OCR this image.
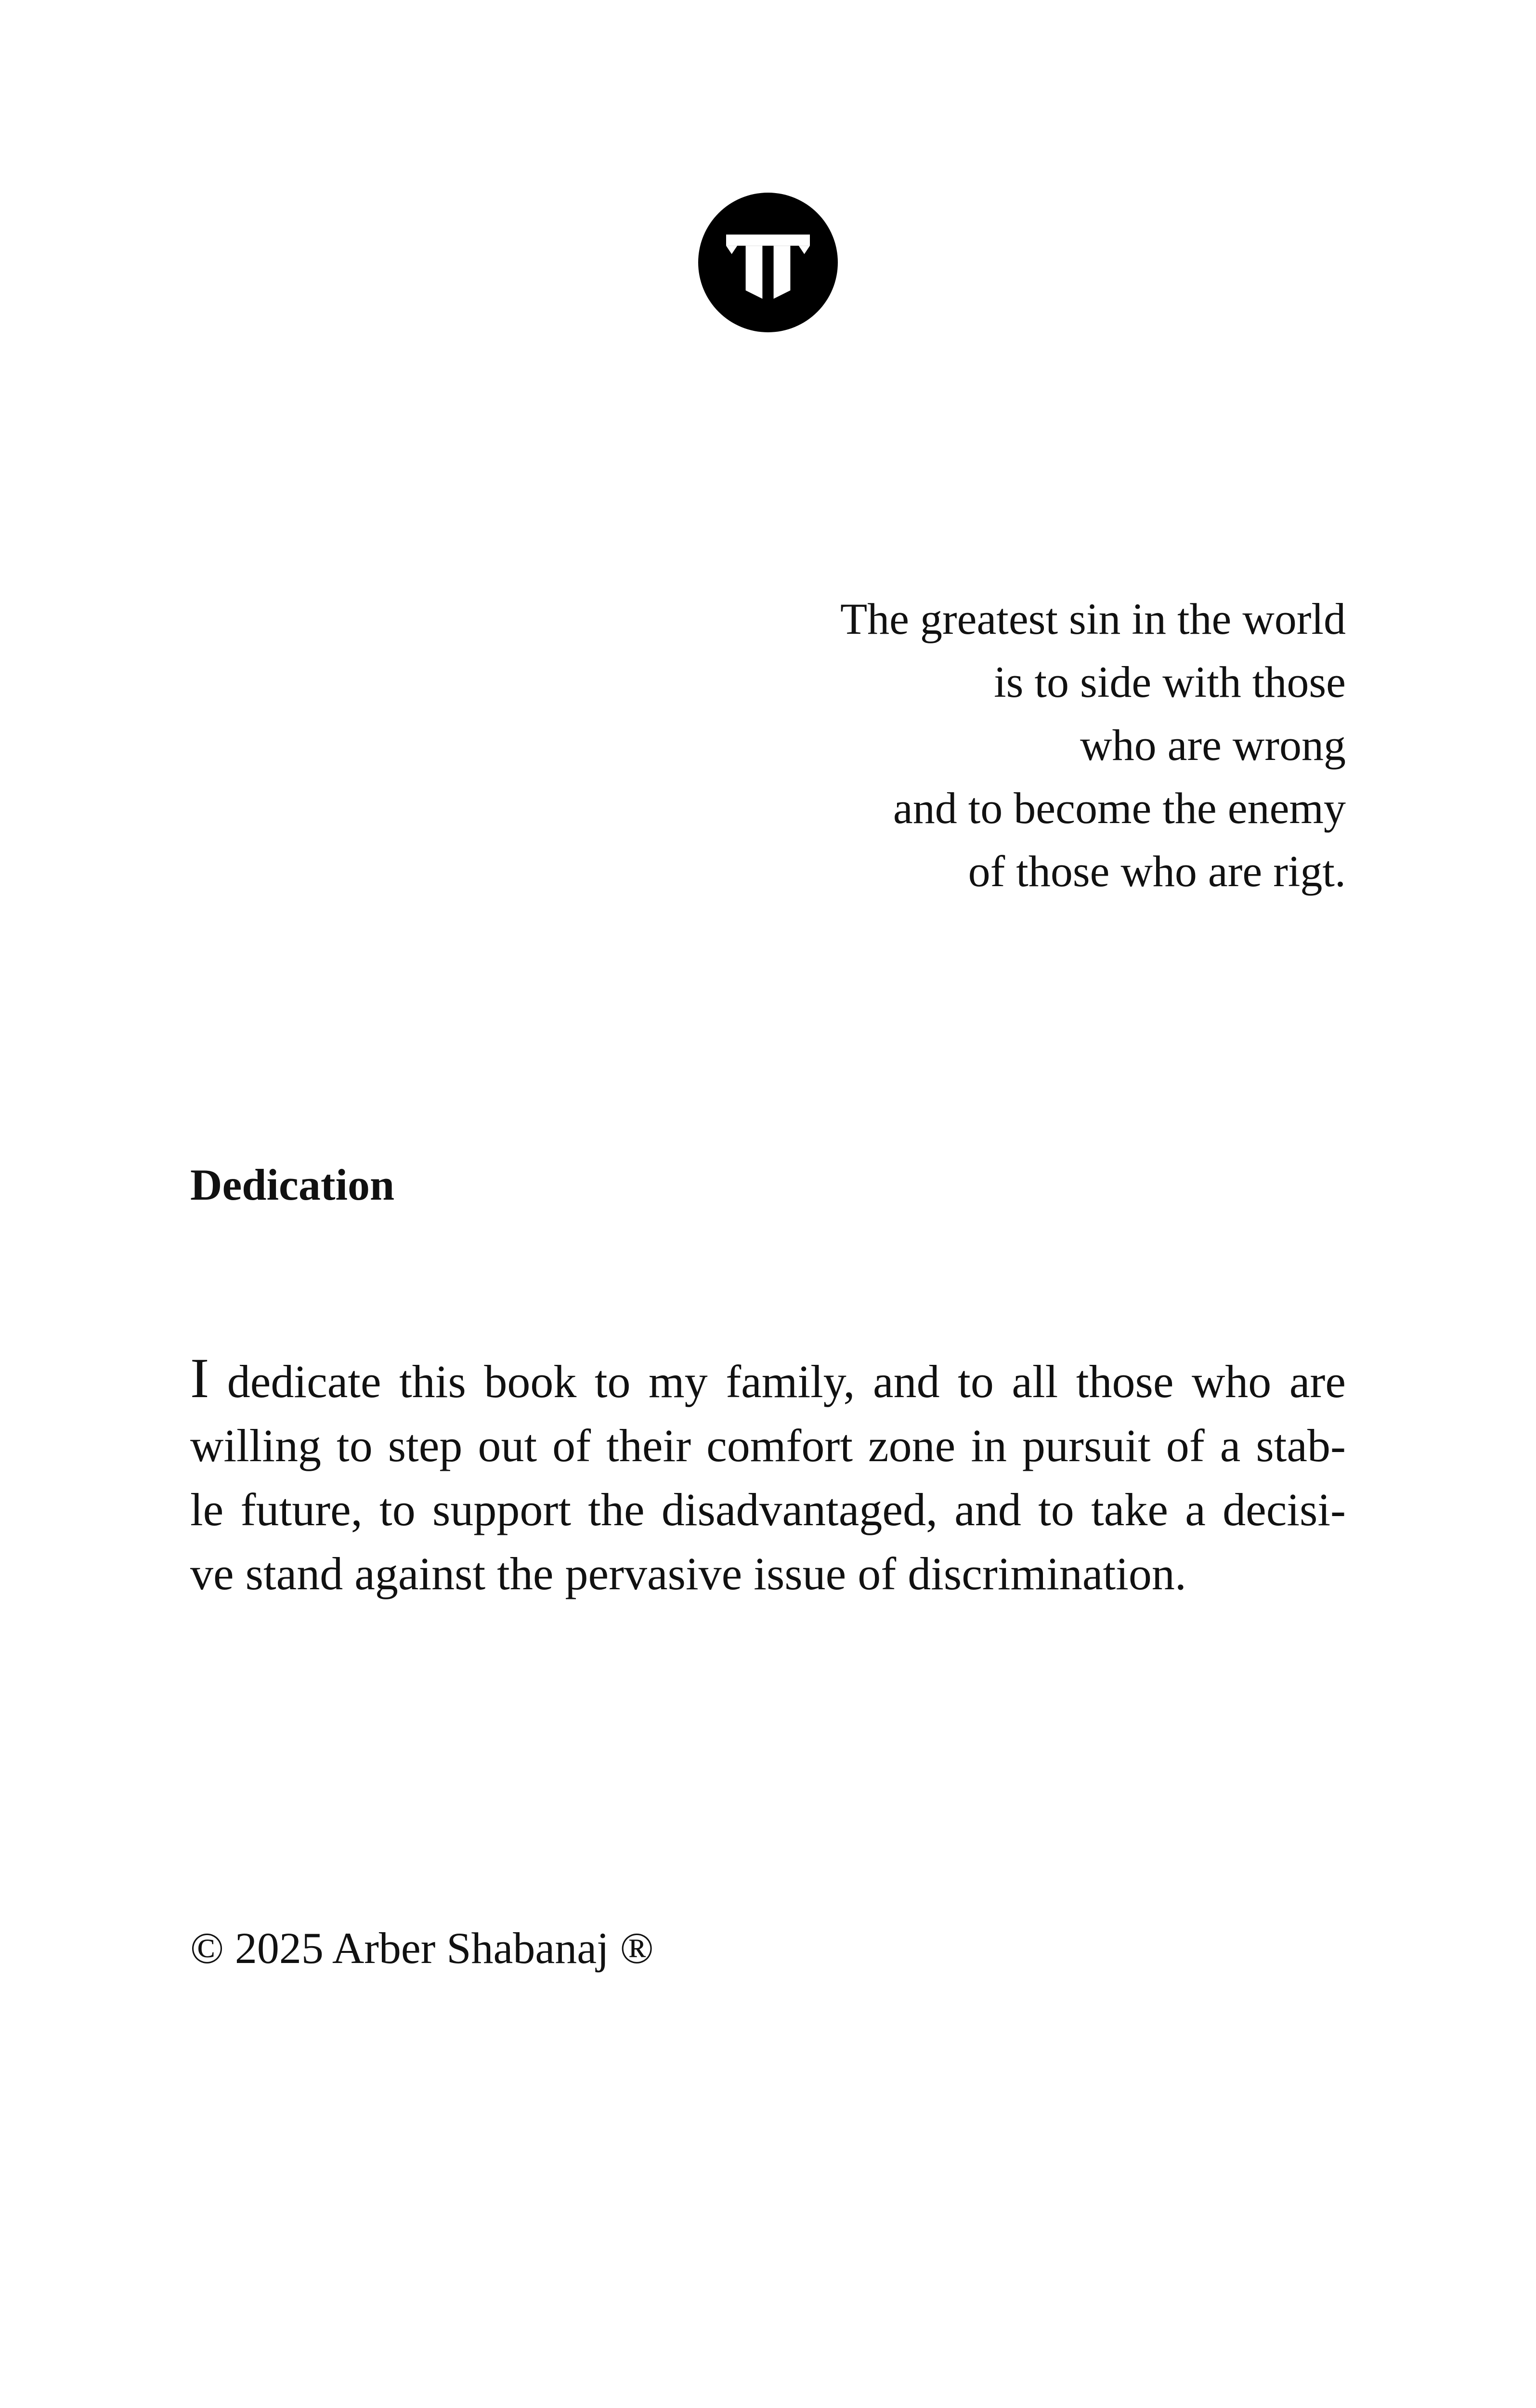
The greatest sin in the world
is to side with those
who are wrong
and to become the enemy
of those who are rigt.
Dedication
I dedicate this book to my family, and to all those who are
willing to step out of their comfort zone in pursuit of a stab-
le future, to support the disadvantaged, and to take a decisi-
ve stand against the pervasive issue of discrimination.
© 2025 Arber Shabanaj ®
